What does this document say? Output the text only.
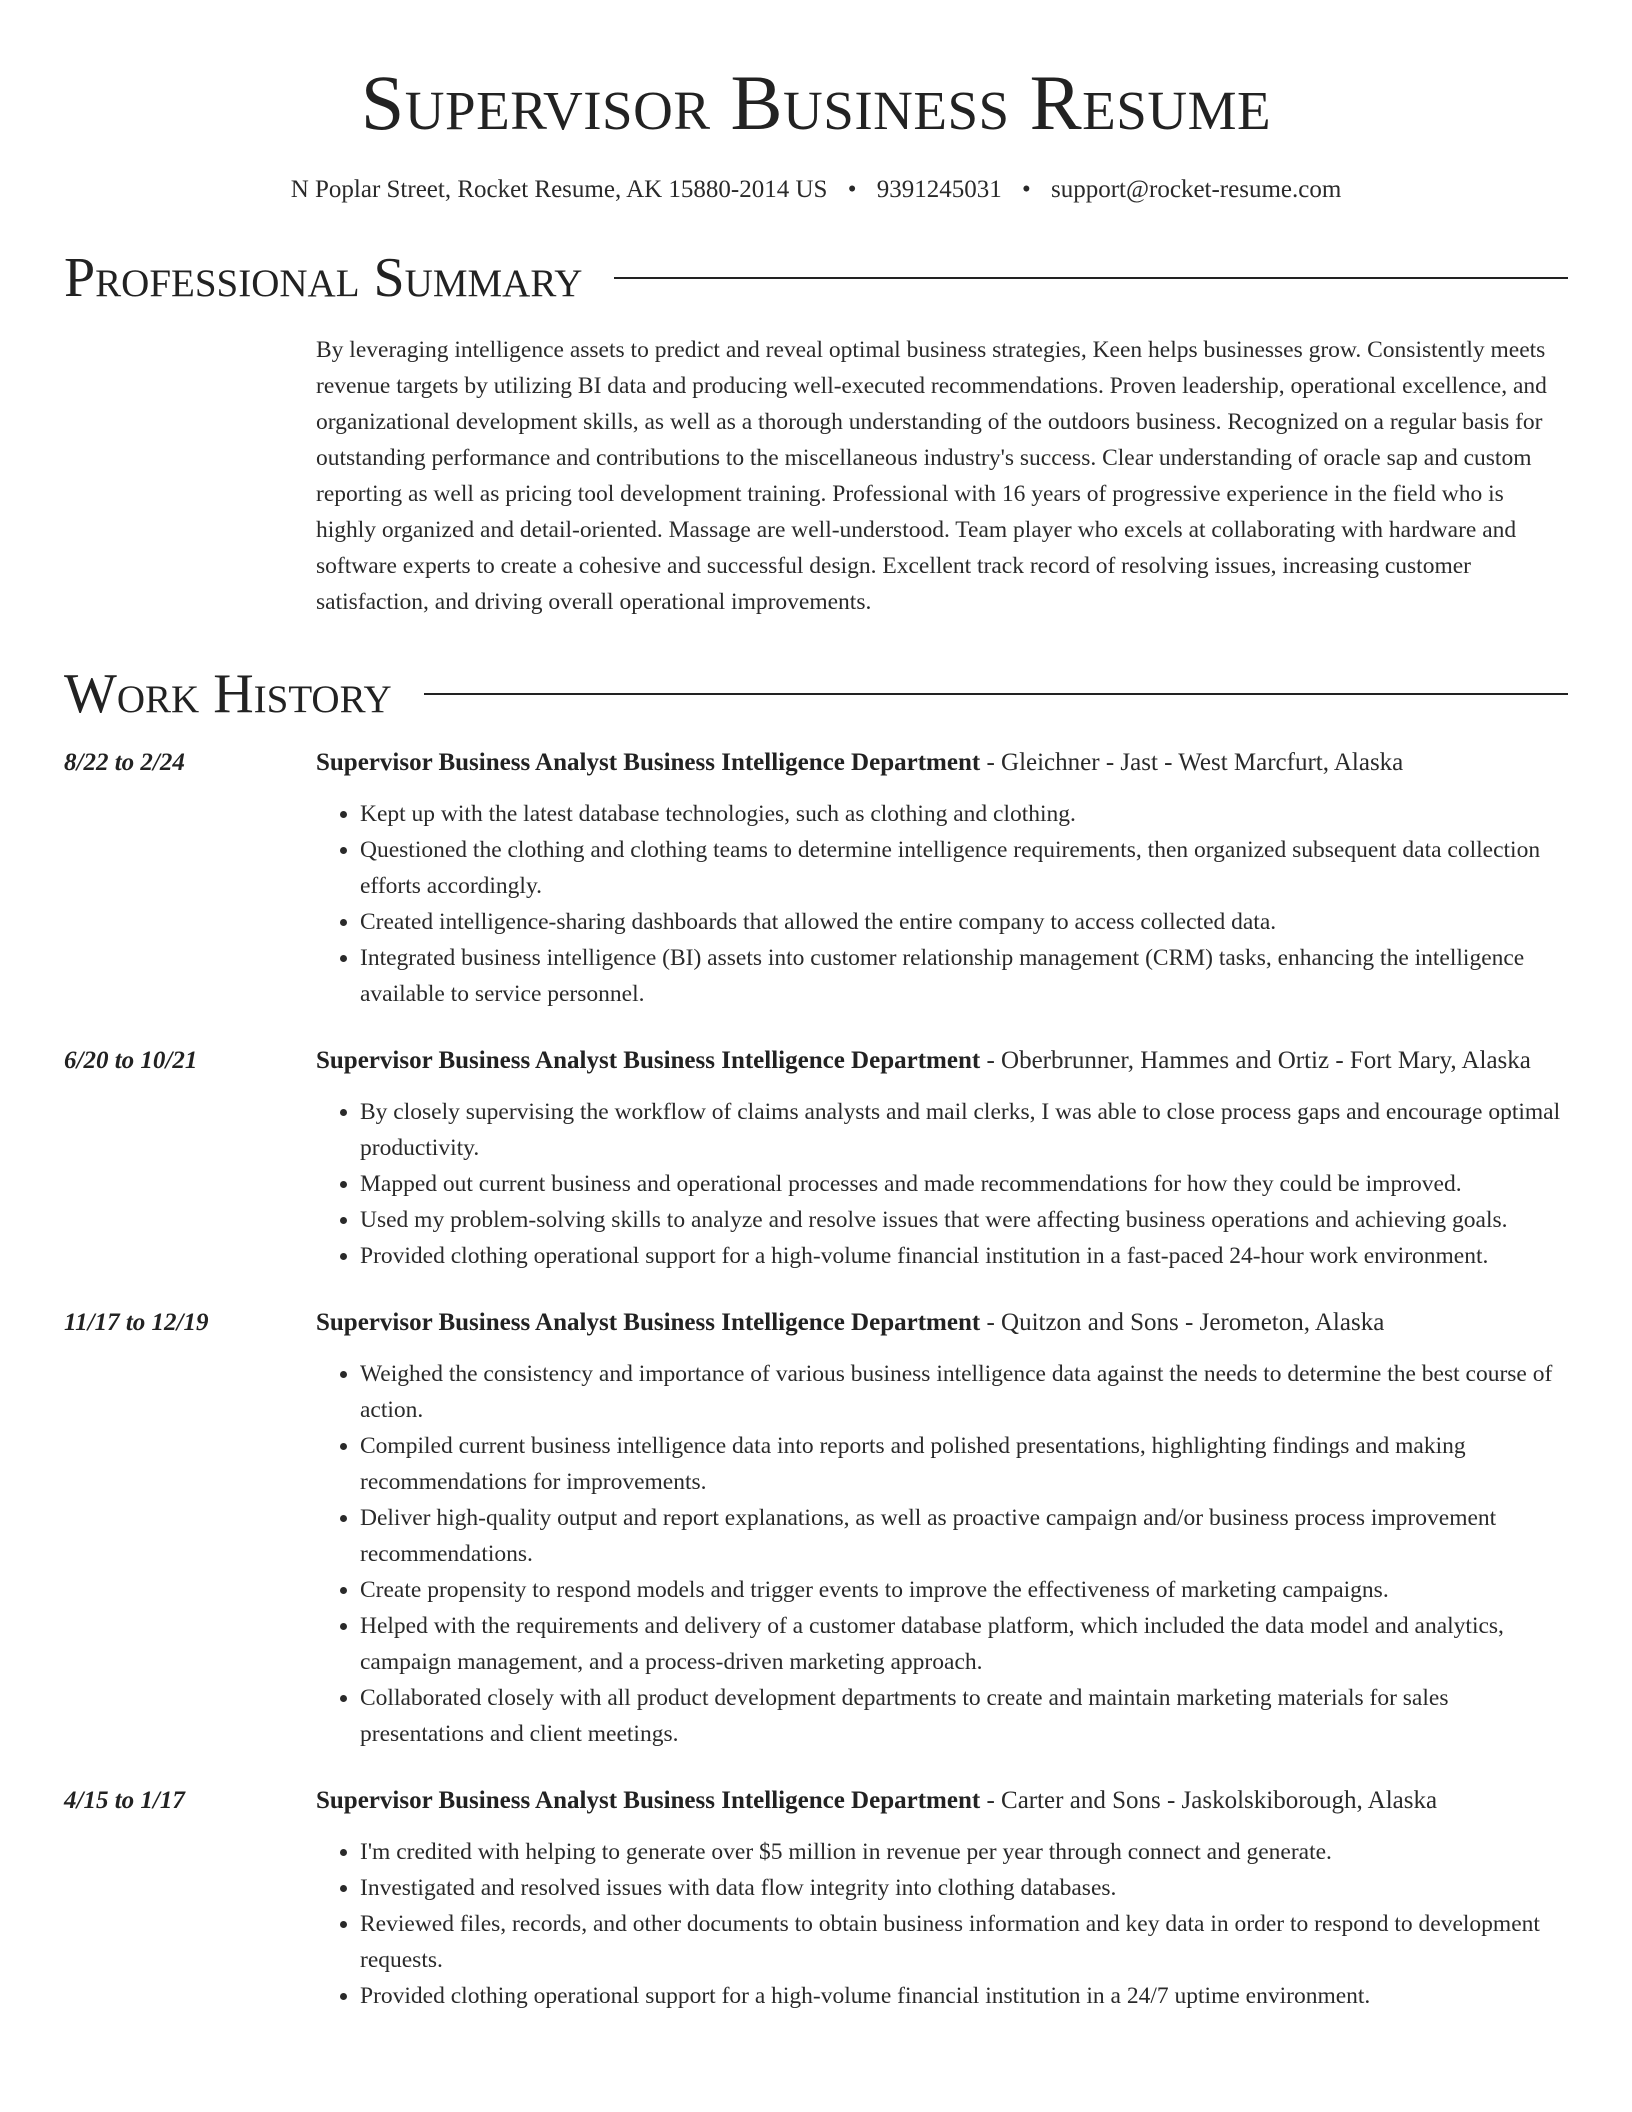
Supervisor Business Resume
N Poplar Street, Rocket Resume, AK 15880-2014 US • 9391245031 • support@rocket-resume.com
Professional Summary
By leveraging intelligence assets to predict and reveal optimal business strategies, Keen helps businesses grow. Consistently meets revenue targets by utilizing BI data and producing well-executed recommendations. Proven leadership, operational excellence, and organizational development skills, as well as a thorough understanding of the outdoors business. Recognized on a regular basis for outstanding performance and contributions to the miscellaneous industry's success. Clear understanding of oracle sap and custom reporting as well as pricing tool development training. Professional with 16 years of progressive experience in the field who is highly organized and detail-oriented. Massage are well-understood. Team player who excels at collaborating with hardware and software experts to create a cohesive and successful design. Excellent track record of resolving issues, increasing customer satisfaction, and driving overall operational improvements.
Work History
8/22 to 2/24	Supervisor Business Analyst Business Intelligence Department - Gleichner - Jast - West Marcfurt, Alaska
• Kept up with the latest database technologies, such as clothing and clothing.
• Questioned the clothing and clothing teams to determine intelligence requirements, then organized subsequent data collection efforts accordingly.
• Created intelligence-sharing dashboards that allowed the entire company to access collected data.
• Integrated business intelligence (BI) assets into customer relationship management (CRM) tasks, enhancing the intelligence available to service personnel.
6/20 to 10/21	Supervisor Business Analyst Business Intelligence Department - Oberbrunner, Hammes and Ortiz - Fort Mary, Alaska
• By closely supervising the workflow of claims analysts and mail clerks, I was able to close process gaps and encourage optimal productivity.
• Mapped out current business and operational processes and made recommendations for how they could be improved.
• Used my problem-solving skills to analyze and resolve issues that were affecting business operations and achieving goals.
• Provided clothing operational support for a high-volume financial institution in a fast-paced 24-hour work environment.
11/17 to 12/19	Supervisor Business Analyst Business Intelligence Department - Quitzon and Sons - Jerometon, Alaska
• Weighed the consistency and importance of various business intelligence data against the needs to determine the best course of action.
• Compiled current business intelligence data into reports and polished presentations, highlighting findings and making recommendations for improvements.
• Deliver high-quality output and report explanations, as well as proactive campaign and/or business process improvement recommendations.
• Create propensity to respond models and trigger events to improve the effectiveness of marketing campaigns.
• Helped with the requirements and delivery of a customer database platform, which included the data model and analytics, campaign management, and a process-driven marketing approach.
• Collaborated closely with all product development departments to create and maintain marketing materials for sales presentations and client meetings.
4/15 to 1/17	Supervisor Business Analyst Business Intelligence Department - Carter and Sons - Jaskolskiborough, Alaska
• I'm credited with helping to generate over $5 million in revenue per year through connect and generate.
• Investigated and resolved issues with data flow integrity into clothing databases.
• Reviewed files, records, and other documents to obtain business information and key data in order to respond to development requests.
• Provided clothing operational support for a high-volume financial institution in a 24/7 uptime environment.
